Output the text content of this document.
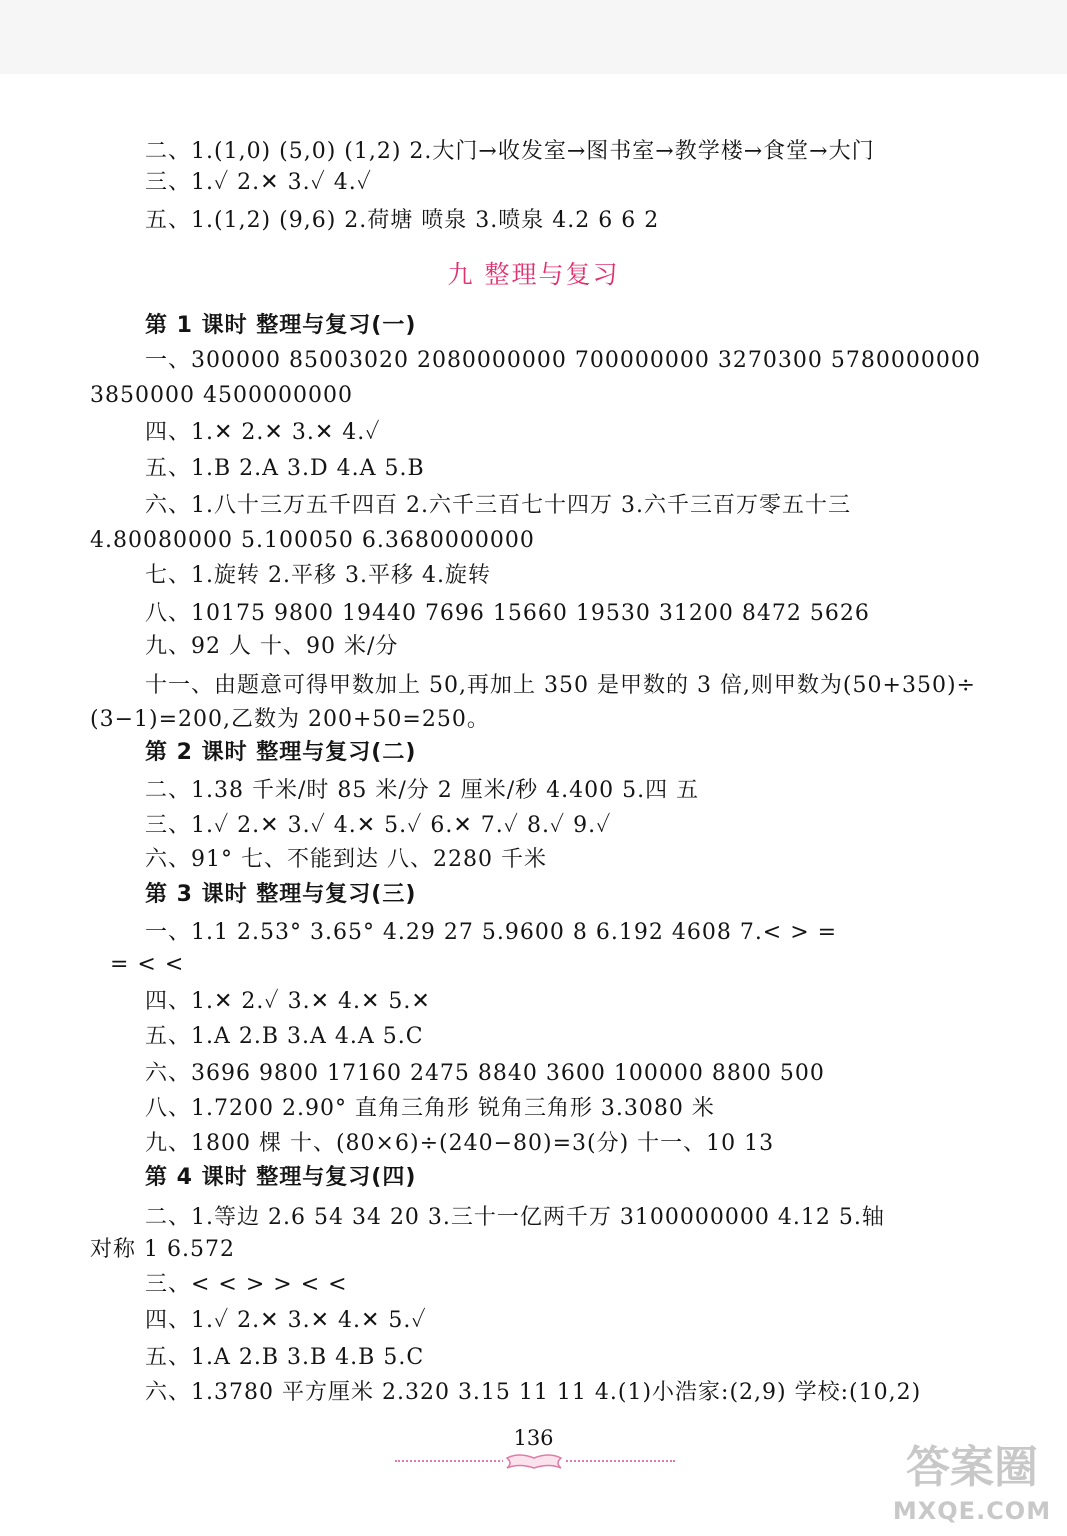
二、1.(1,0) (5,0) (1,2) 2.大门→收发室→图书室→教学楼→食堂→大门
三、1.✓ 2.✕ 3.✓ 4.✓
五、1.(1,2) (9,6) 2.荷塘 喷泉 3.喷泉 4.2 6 6 2
九 整理与复习
第 1 课时 整理与复习(一)
一、300000 85003020 2080000000 700000000 3270300 5780000000
3850000 4500000000
四、1.✕ 2.✕ 3.✕ 4.✓
五、1.B 2.A 3.D 4.A 5.B
六、1.八十三万五千四百 2.六千三百七十四万 3.六千三百万零五十三
4.80080000 5.100050 6.3680000000
七、1.旋转 2.平移 3.平移 4.旋转
八、10175 9800 19440 7696 15660 19530 31200 8472 5626
九、92 人 十、90 米/分
十一、由题意可得甲数加上 50,再加上 350 是甲数的 3 倍,则甲数为(50+350)÷
(3−1)=200,乙数为 200+50=250。
第 2 课时 整理与复习(二)
二、1.38 千米/时 85 米/分 2 厘米/秒 4.400 5.四 五
三、1.✓ 2.✕ 3.✓ 4.✕ 5.✓ 6.✕ 7.✓ 8.✓ 9.✓
六、91° 七、不能到达 八、2280 千米
第 3 课时 整理与复习(三)
一、1.1 2.53° 3.65° 4.29 27 5.9600 8 6.192 4608 7.< > =
= < <
四、1.✕ 2.✓ 3.✕ 4.✕ 5.✕
五、1.A 2.B 3.A 4.A 5.C
六、3696 9800 17160 2475 8840 3600 100000 8800 500
八、1.7200 2.90° 直角三角形 锐角三角形 3.3080 米
九、1800 棵 十、(80×6)÷(240−80)=3(分) 十一、10 13
第 4 课时 整理与复习(四)
二、1.等边 2.6 54 34 20 3.三十一亿两千万 3100000000 4.12 5.轴
对称 1 6.572
三、< < > > < <
四、1.✓ 2.✕ 3.✕ 4.✕ 5.✓
五、1.A 2.B 3.B 4.B 5.C
六、1.3780 平方厘米 2.320 3.15 11 11 4.(1)小浩家:(2,9) 学校:(10,2)
136
答案圈
MXQE.COM
